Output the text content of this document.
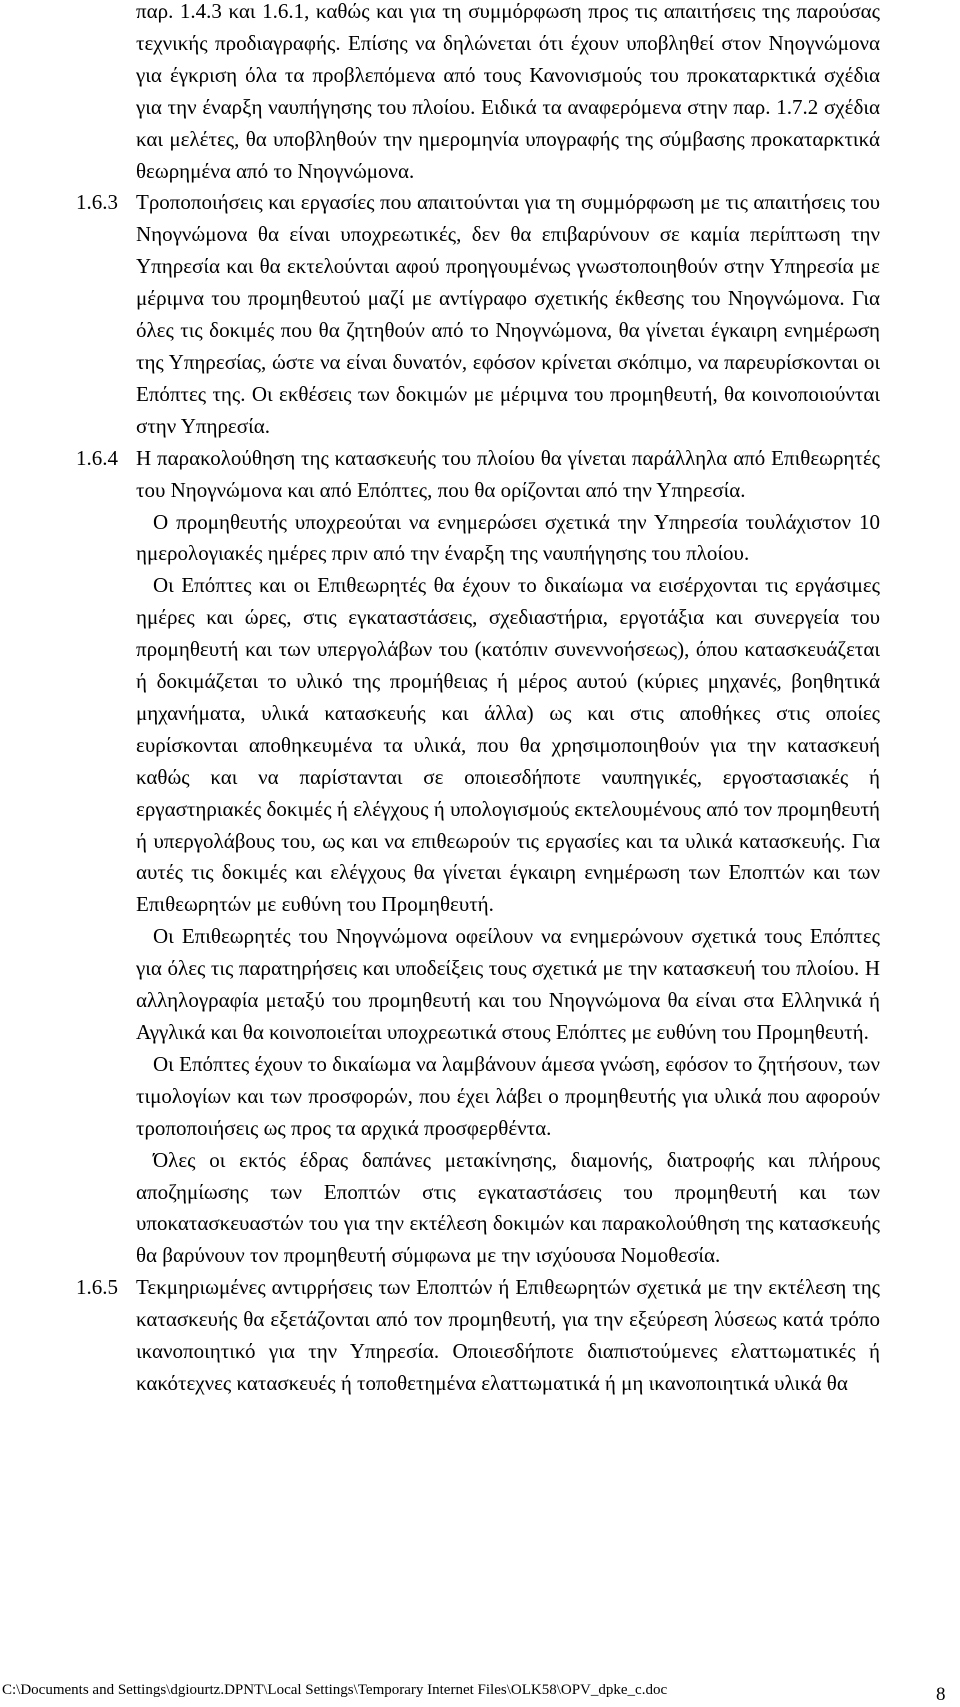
παρ. 1.4.3 και 1.6.1, καθώς και για τη συμμόρφωση προς τις απαιτήσεις της παρούσας τεχνικής προδιαγραφής. Επίσης να δηλώνεται ότι έχουν υποβληθεί στον Νηογνώμονα για έγκριση όλα τα προβλεπόμενα από τους Κανονισμούς του προκαταρκτικά σχέδια για την έναρξη ναυπήγησης του πλοίου. Ειδικά τα αναφερόμενα στην παρ. 1.7.2 σχέδια και μελέτες, θα υποβληθούν την ημερομηνία υπογραφής της σύμβασης προκαταρκτικά θεωρημένα από το Νηογνώμονα.

1.6.3 Τροποποιήσεις και εργασίες που απαιτούνται για τη συμμόρφωση με τις απαιτήσεις του Νηογνώμονα θα είναι υποχρεωτικές, δεν θα επιβαρύνουν σε καμία περίπτωση την Υπηρεσία και θα εκτελούνται αφού προηγουμένως γνωστοποιηθούν στην Υπηρεσία με μέριμνα του προμηθευτού μαζί με αντίγραφο σχετικής έκθεσης του Νηογνώμονα. Για όλες τις δοκιμές που θα ζητηθούν από το Νηογνώμονα, θα γίνεται έγκαιρη ενημέρωση της Υπηρεσίας, ώστε να είναι δυνατόν, εφόσον κρίνεται σκόπιμο, να παρευρίσκονται οι Επόπτες της. Οι εκθέσεις των δοκιμών με μέριμνα του προμηθευτή, θα κοινοποιούνται στην Υπηρεσία.

1.6.4 Η παρακολούθηση της κατασκευής του πλοίου θα γίνεται παράλληλα από Επιθεωρητές του Νηογνώμονα και από Επόπτες, που θα ορίζονται από την Υπηρεσία.

Ο προμηθευτής υποχρεούται να ενημερώσει σχετικά την Υπηρεσία τουλάχιστον 10 ημερολογιακές ημέρες πριν από την έναρξη της ναυπήγησης του πλοίου.

Οι Επόπτες και οι Επιθεωρητές θα έχουν το δικαίωμα να εισέρχονται τις εργάσιμες ημέρες και ώρες, στις εγκαταστάσεις, σχεδιαστήρια, εργοτάξια και συνεργεία του προμηθευτή και των υπεργολάβων του (κατόπιν συνεννοήσεως), όπου κατασκευάζεται ή δοκιμάζεται το υλικό της προμήθειας ή μέρος αυτού (κύριες μηχανές, βοηθητικά μηχανήματα, υλικά κατασκευής και άλλα) ως και στις αποθήκες στις οποίες ευρίσκονται αποθηκευμένα τα υλικά, που θα χρησιμοποιηθούν για την κατασκευή καθώς και να παρίστανται σε οποιεσδήποτε ναυπηγικές, εργοστασιακές ή εργαστηριακές δοκιμές ή ελέγχους ή υπολογισμούς εκτελουμένους από τον προμηθευτή ή υπεργολάβους του, ως και να επιθεωρούν τις εργασίες και τα υλικά κατασκευής. Για αυτές τις δοκιμές και ελέγχους θα γίνεται έγκαιρη ενημέρωση των Εποπτών και των Επιθεωρητών με ευθύνη του Προμηθευτή.

Οι Επιθεωρητές του Νηογνώμονα οφείλουν να ενημερώνουν σχετικά τους Επόπτες για όλες τις παρατηρήσεις και υποδείξεις τους σχετικά με την κατασκευή του πλοίου. Η αλληλογραφία μεταξύ του προμηθευτή και του Νηογνώμονα θα είναι στα Ελληνικά ή Αγγλικά και θα κοινοποιείται υποχρεωτικά στους Επόπτες με ευθύνη του Προμηθευτή.

Οι Επόπτες έχουν το δικαίωμα να λαμβάνουν άμεσα γνώση, εφόσον το ζητήσουν, των τιμολογίων και των προσφορών, που έχει λάβει ο προμηθευτής για υλικά που αφορούν τροποποιήσεις ως προς τα αρχικά προσφερθέντα.

Όλες οι εκτός έδρας δαπάνες μετακίνησης, διαμονής, διατροφής και πλήρους αποζημίωσης των Εποπτών στις εγκαταστάσεις του προμηθευτή και των υποκατασκευαστών του για την εκτέλεση δοκιμών και παρακολούθηση της κατασκευής θα βαρύνουν τον προμηθευτή σύμφωνα με την ισχύουσα Νομοθεσία.

1.6.5 Τεκμηριωμένες αντιρρήσεις των Εποπτών ή Επιθεωρητών σχετικά με την εκτέλεση της κατασκευής θα εξετάζονται από τον προμηθευτή, για την εξεύρεση λύσεως κατά τρόπο ικανοποιητικό για την Υπηρεσία. Οποιεσδήποτε διαπιστούμενες ελαττωματικές ή κακότεχνες κατασκευές ή τοποθετημένα ελαττωματικά ή μη ικανοποιητικά υλικά θα

C:\Documents and Settings\dgiourtz.DPNT\Local Settings\Temporary Internet Files\OLK58\OPV_dpke_c.doc	8
